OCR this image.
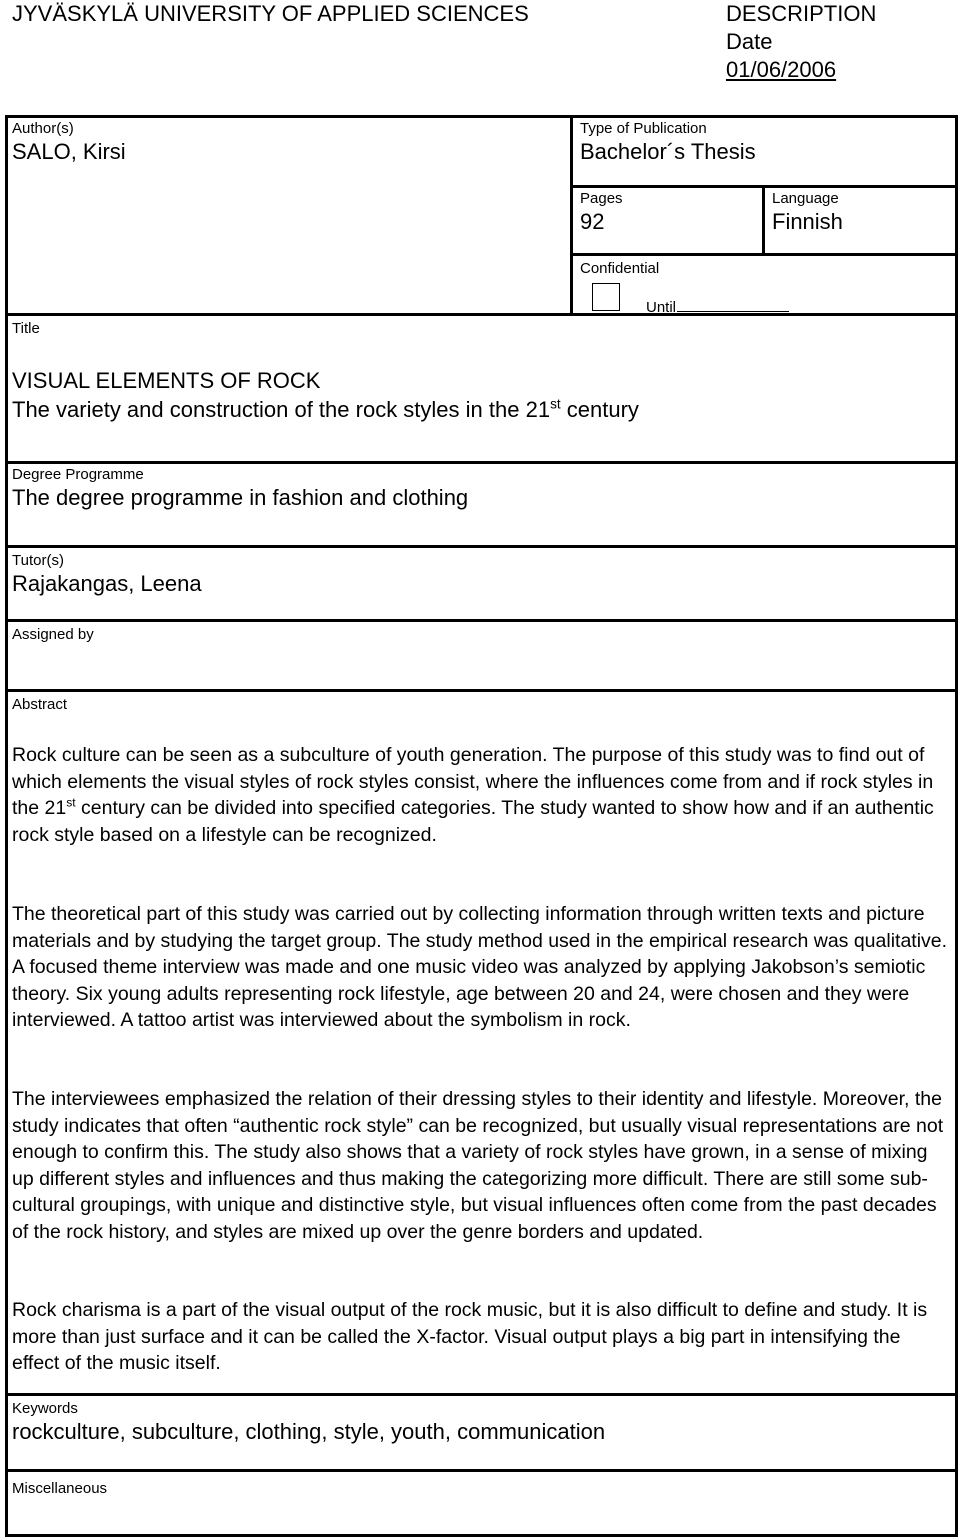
JYVÄSKYLÄ UNIVERSITY OF APPLIED SCIENCES	DESCRIPTION
Date
01/06/2006
Author(s)
SALO, Kirsi
Type of Publication
Bachelor´s Thesis
Pages
92
Language
Finnish
Confidential
Until
Title
VISUAL ELEMENTS OF ROCK
The variety and construction of the rock styles in the 21st century
Degree Programme
The degree programme in fashion and clothing
Tutor(s)
Rajakangas, Leena
Assigned by
Abstract

Rock culture can be seen as a subculture of youth generation. The purpose of this study was to find out of which elements the visual styles of rock styles consist, where the influences come from and if rock styles in the 21st century can be divided into specified categories. The study wanted to show how and if an authentic rock style based on a lifestyle can be recognized.

The theoretical part of this study was carried out by collecting information through written texts and picture materials and by studying the target group. The study method used in the empirical research was qualitative. A focused theme interview was made and one music video was analyzed by applying Jakobson’s semiotic theory. Six young adults representing rock lifestyle, age between 20 and 24, were chosen and they were interviewed. A tattoo artist was interviewed about the symbolism in rock.

The interviewees emphasized the relation of their dressing styles to their identity and lifestyle. Moreover, the study indicates that often “authentic rock style” can be recognized, but usually visual representations are not enough to confirm this. The study also shows that a variety of rock styles have grown, in a sense of mixing up different styles and influences and thus making the categorizing more difficult. There are still some sub-cultural groupings, with unique and distinctive style, but visual influences often come from the past decades of the rock history, and styles are mixed up over the genre borders and updated.

Rock charisma is a part of the visual output of the rock music, but it is also difficult to define and study. It is more than just surface and it can be called the X-factor. Visual output plays a big part in intensifying the effect of the music itself.

Keywords
rockculture, subculture, clothing, style, youth, communication
Miscellaneous
